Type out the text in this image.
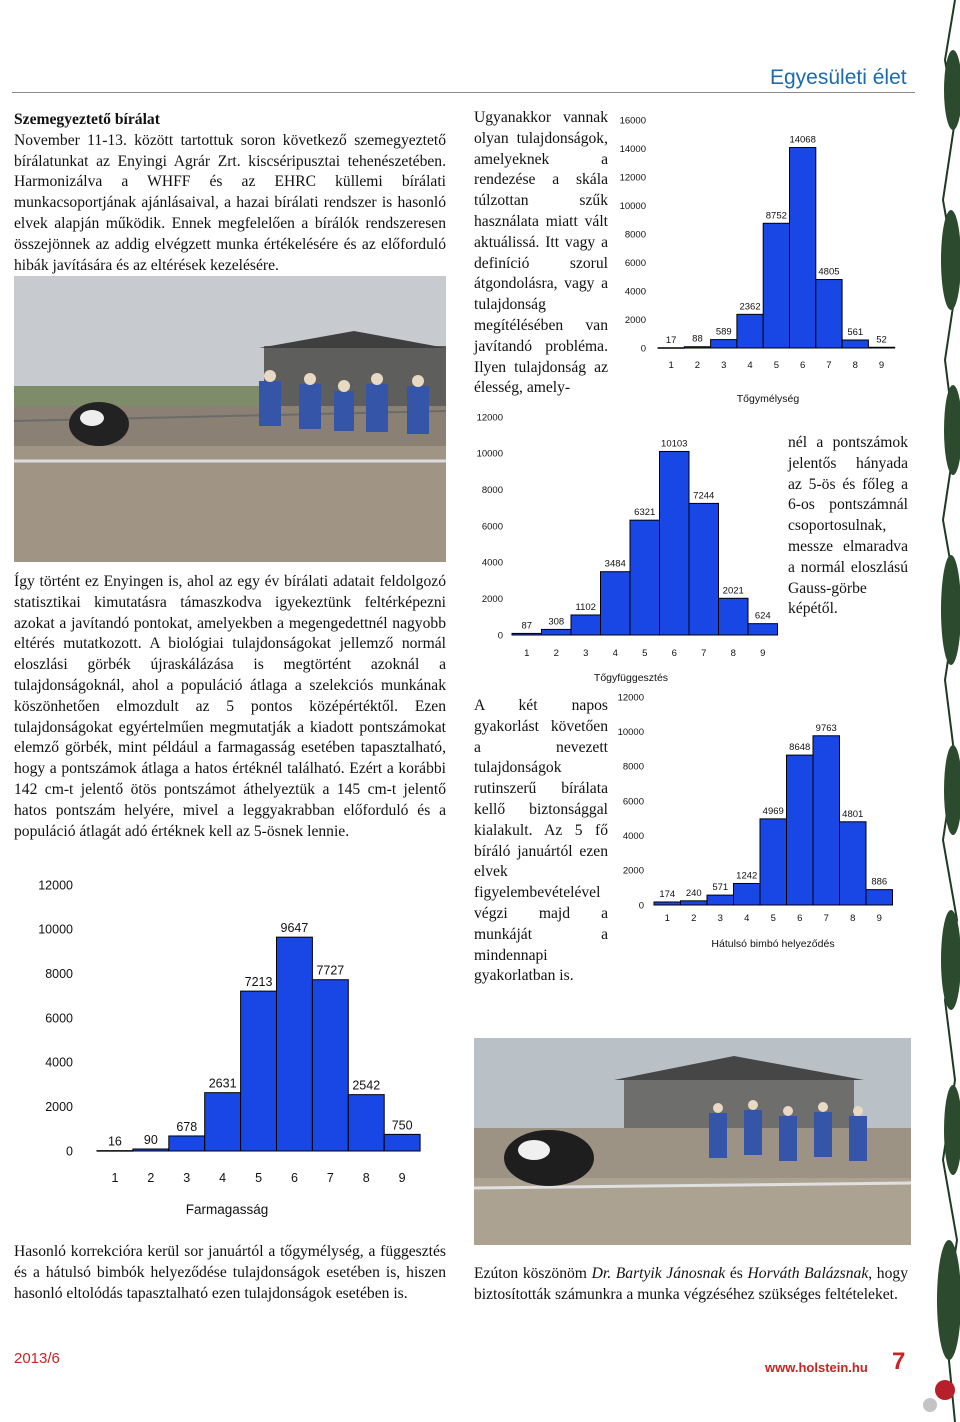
Egyesületi élet

Szemegyeztető bírálat

November 11-13. között tartottuk soron következő szemegyeztető bírálatunkat az Enyingi Agrár Zrt. kiscséripusztai tehenészetében. Harmonizálva a WHFF és az EHRC küllemi bírálati munkacsoportjának ajánlásaival, a hazai bírálati rendszer is hasonló elvek alapján működik. Ennek megfelelően a bírálók rendszeresen összejönnek az addig elvégzett munka értékelésére és az előforduló hibák javítására és az eltérések kezelésére.

Így történt ez Enyingen is, ahol az egy év bírálati adatait feldolgozó statisztikai kimutatásra támaszkodva igyekeztünk feltérképezni azokat a javítandó pontokat, amelyekben a megengedettnél nagyobb eltérés mutatkozott. A biológiai tulajdonságokat jellemző normál eloszlási görbék újraskálázása is megtörtént azoknál a tulajdonságoknál, ahol a populáció átlaga a szelekciós munkának köszönhetően elmozdult az 5 pontos középértéktől. Ezen tulajdonságokat egyértelműen megmutatják a kiadott pontszámokat elemző görbék, mint például a farmagasság esetében tapasztalható, hogy a pontszámok átlaga a hatos értéknél található. Ezért a korábbi 142 cm-t jelentő ötös pontszámot áthelyeztük a 145 cm-t jelentő hatos pontszám helyére, mivel a leggyakrabban előforduló és a populáció átlagát adó értéknek kell az 5-ösnek lennie.

Ugyanakkor vannak olyan tulajdonságok, amelyeknek a rendezése a skála túlzottan szűk használata miatt vált aktuálissá. Itt vagy a definíció szorul átgondolásra, vagy a tulajdonság megítélésében van javítandó probléma. Ilyen tulajdonság az élesség, amely-

nél a pontszámok jelentős hányada az 5-ös és főleg a 6-os pontszámnál csoportosulnak, messze elmaradva a normál eloszlású Gauss-görbe képétől.

A két napos gyakorlást követően a nevezett tulajdonságok rutinszerű bírálata kellő biztonsággal kialakult. Az 5 fő bíráló januártól ezen elvek figyelembevételével végzi majd a munkáját a mindennapi gyakorlatban is.

0
2000
4000
6000
8000
10000
12000
16
1
90
2
678
3
2631
4
7213
5
9647
6
7727
7
2542
8
750
9
Farmagasság
0
2000
4000
6000
8000
10000
12000
14000
16000
17
1
88
2
589
3
2362
4
8752
5
14068
6
4805
7
561
8
52
9
Tőgymélység
0
2000
4000
6000
8000
10000
12000
87
1
308
2
1102
3
3484
4
6321
5
10103
6
7244
7
2021
8
624
9
Tőgyfüggesztés
0
2000
4000
6000
8000
10000
12000
174
1
240
2
571
3
1242
4
4969
5
8648
6
9763
7
4801
8
886
9
Hátulsó bimbó helyeződés

Hasonló korrekcióra kerül sor januártól a tőgymélység, a függesztés és a hátulsó bimbók helyeződése tulajdonságok esetében is, hiszen hasonló eltolódás tapasztalható ezen tulajdonságok esetében is.

Ezúton köszönöm Dr. Bartyik Jánosnak és Horváth Balázsnak, hogy biztosították számunkra a munka végzéséhez szükséges feltételeket.

2013/6
www.holstein.hu 7
